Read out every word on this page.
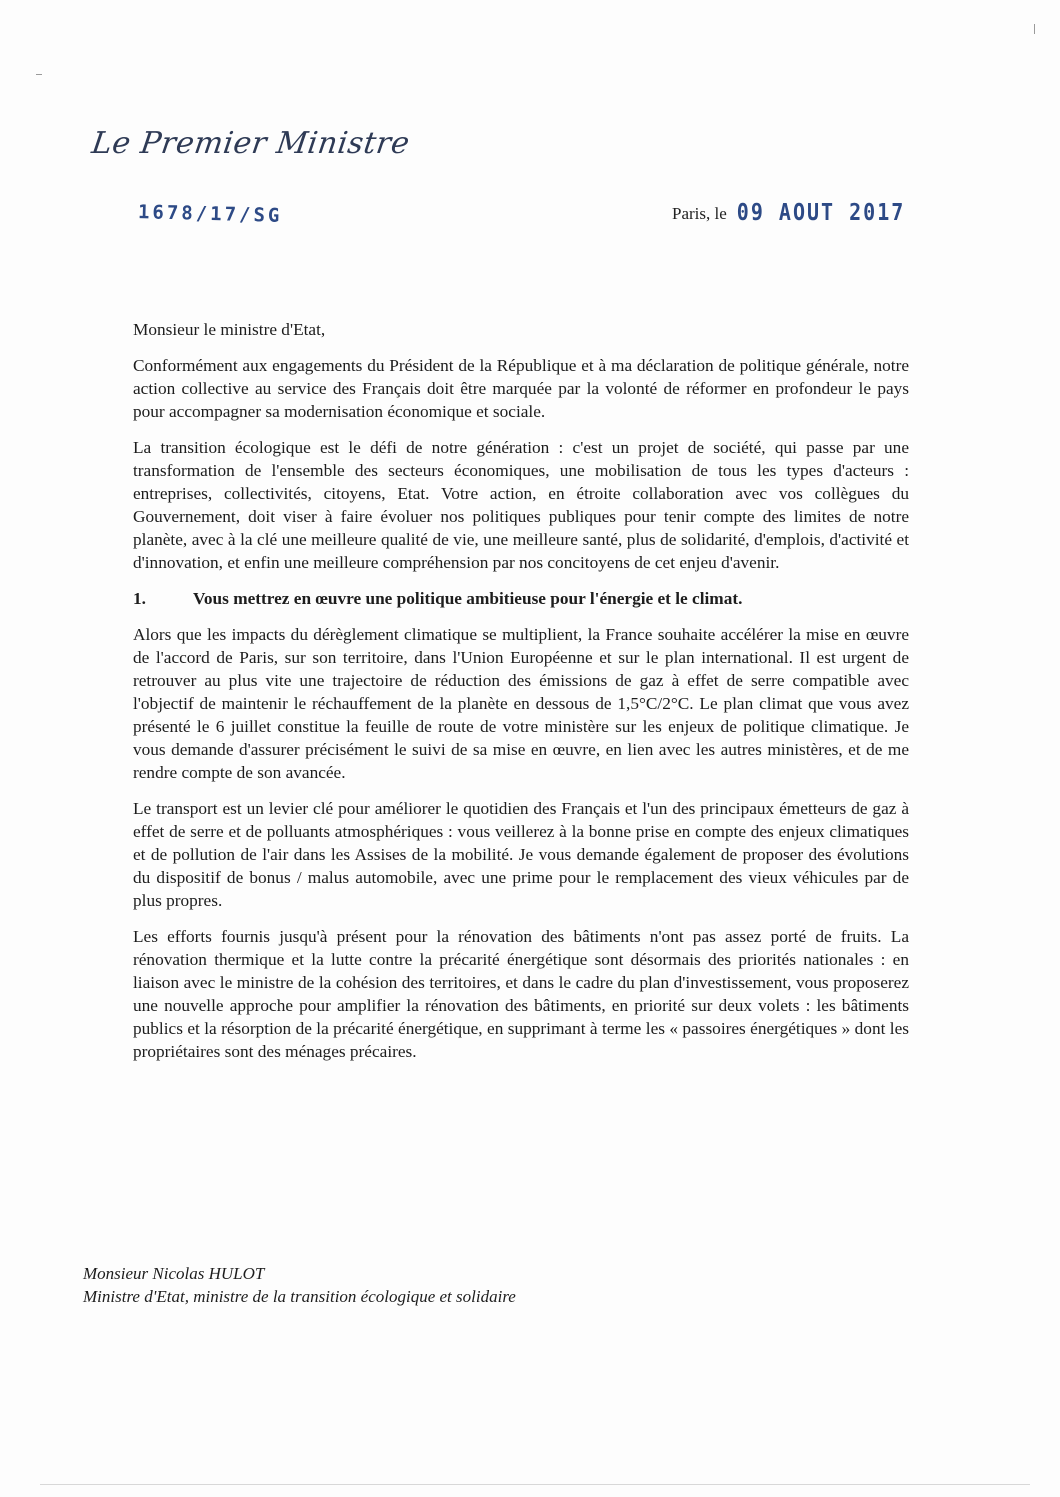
Le Premier Ministre
1678/17/SG	Paris, le 09 AOUT 2017
Monsieur le ministre d'Etat,
Conformément aux engagements du Président de la République et à ma déclaration de politique générale, notre action collective au service des Français doit être marquée par la volonté de réformer en profondeur le pays pour accompagner sa modernisation économique et sociale.
La transition écologique est le défi de notre génération : c'est un projet de société, qui passe par une transformation de l'ensemble des secteurs économiques, une mobilisation de tous les types d'acteurs : entreprises, collectivités, citoyens, Etat. Votre action, en étroite collaboration avec vos collègues du Gouvernement, doit viser à faire évoluer nos politiques publiques pour tenir compte des limites de notre planète, avec à la clé une meilleure qualité de vie, une meilleure santé, plus de solidarité, d'emplois, d'activité et d'innovation, et enfin une meilleure compréhension par nos concitoyens de cet enjeu d'avenir.
1.	Vous mettrez en œuvre une politique ambitieuse pour l'énergie et le climat.
Alors que les impacts du dérèglement climatique se multiplient, la France souhaite accélérer la mise en œuvre de l'accord de Paris, sur son territoire, dans l'Union Européenne et sur le plan international. Il est urgent de retrouver au plus vite une trajectoire de réduction des émissions de gaz à effet de serre compatible avec l'objectif de maintenir le réchauffement de la planète en dessous de 1,5°C/2°C. Le plan climat que vous avez présenté le 6 juillet constitue la feuille de route de votre ministère sur les enjeux de politique climatique. Je vous demande d'assurer précisément le suivi de sa mise en œuvre, en lien avec les autres ministères, et de me rendre compte de son avancée.
Le transport est un levier clé pour améliorer le quotidien des Français et l'un des principaux émetteurs de gaz à effet de serre et de polluants atmosphériques : vous veillerez à la bonne prise en compte des enjeux climatiques et de pollution de l'air dans les Assises de la mobilité. Je vous demande également de proposer des évolutions du dispositif de bonus / malus automobile, avec une prime pour le remplacement des vieux véhicules par de plus propres.
Les efforts fournis jusqu'à présent pour la rénovation des bâtiments n'ont pas assez porté de fruits. La rénovation thermique et la lutte contre la précarité énergétique sont désormais des priorités nationales : en liaison avec le ministre de la cohésion des territoires, et dans le cadre du plan d'investissement, vous proposerez une nouvelle approche pour amplifier la rénovation des bâtiments, en priorité sur deux volets : les bâtiments publics et la résorption de la précarité énergétique, en supprimant à terme les « passoires énergétiques » dont les propriétaires sont des ménages précaires.
Monsieur Nicolas HULOT
Ministre d'Etat, ministre de la transition écologique et solidaire
